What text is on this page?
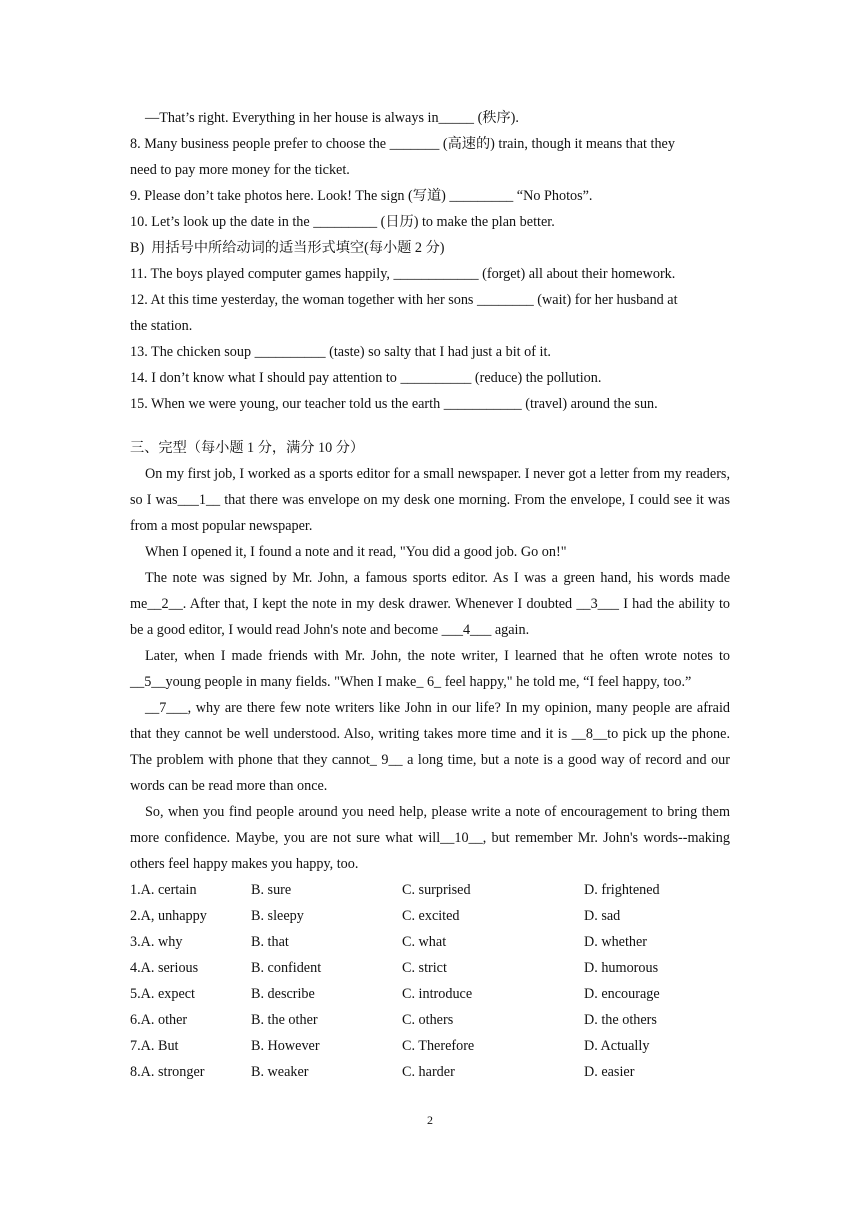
—That’s right. Everything in her house is always in_____ (秩序).
8. Many business people prefer to choose the _______ (高速的) train, though it means that they
need to pay more money for the ticket.
9. Please don’t take photos here. Look! The sign (写道) _________ “No Photos”.
10. Let’s look up the date in the _________ (日历) to make the plan better.
B)  用括号中所给动词的适当形式填空(每小题 2 分)
11. The boys played computer games happily, ____________ (forget) all about their homework.
12. At this time yesterday, the woman together with her sons ________ (wait) for her husband at
the station.
13. The chicken soup __________ (taste) so salty that I had just a bit of it.
14. I don’t know what I should pay attention to __________ (reduce) the pollution.
15. When we were young, our teacher told us the earth ___________ (travel) around the sun.
三、完型（每小题 1 分，满分 10 分）
On my first job, I worked as a sports editor for a small newspaper. I never got a letter from my readers, so I was___1__ that there was envelope on my desk one morning. From the envelope, I could see it was from a most popular newspaper.
When I opened it, I found a note and it read, "You did a good job. Go on!"
The note was signed by Mr. John, a famous sports editor. As I was a green hand, his words made me__2__. After that, I kept the note in my desk drawer. Whenever I doubted __3___ I had the ability to be a good editor, I would read John's note and become ___4___ again.
Later, when I made friends with Mr. John, the note writer, I learned that he often wrote notes to __5__young people in many fields. "When I make_ 6_ feel happy," he told me, “I feel happy, too.”
__7___, why are there few note writers like John in our life? In my opinion, many people are afraid that they cannot be well understood. Also, writing takes more time and it is __8__to pick up the phone. The problem with phone that they cannot_ 9__ a long time, but a note is a good way of record and our words can be read more than once.
So, when you find people around you need help, please write a note of encouragement to bring them more confidence. Maybe, you are not sure what will__10__, but remember Mr. John's words--making others feel happy makes you happy, too.
1.A. certain	B. sure	C. surprised	D. frightened
2.A, unhappy	B. sleepy	C. excited	D. sad
3.A. why	B. that	C. what	D. whether
4.A. serious	B. confident	C. strict	D. humorous
5.A. expect	B. describe	C. introduce	D. encourage
6.A. other	B. the other	C. others	D. the others
7.A. But	B. However	C. Therefore	D. Actually
8.A. stronger	B. weaker	C. harder	D. easier
2
